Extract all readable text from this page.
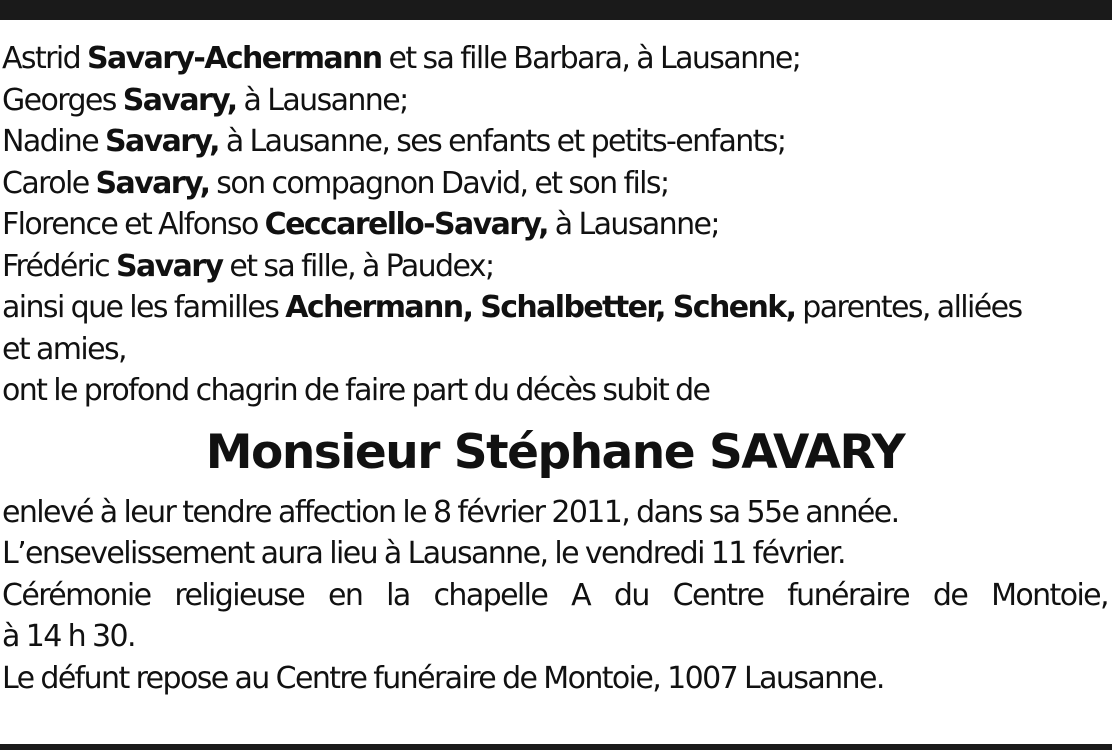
Astrid Savary-Achermann et sa fille Barbara, à Lausanne;

Georges Savary, à Lausanne;

Nadine Savary, à Lausanne, ses enfants et petits-enfants;

Carole Savary, son compagnon David, et son fils;

Florence et Alfonso Ceccarello-Savary, à Lausanne;

Frédéric Savary et sa fille, à Paudex;

ainsi que les familles Achermann, Schalbetter, Schenk, parentes, alliées

et amies,

ont le profond chagrin de faire part du décès subit de

Monsieur Stéphane SAVARY

enlevé à leur tendre affection le 8 février 2011, dans sa 55e année.

L’ensevelissement aura lieu à Lausanne, le vendredi 11 février.

Cérémonie religieuse en la chapelle A du Centre funéraire de Montoie,

à 14 h 30.

Le défunt repose au Centre funéraire de Montoie, 1007 Lausanne.
